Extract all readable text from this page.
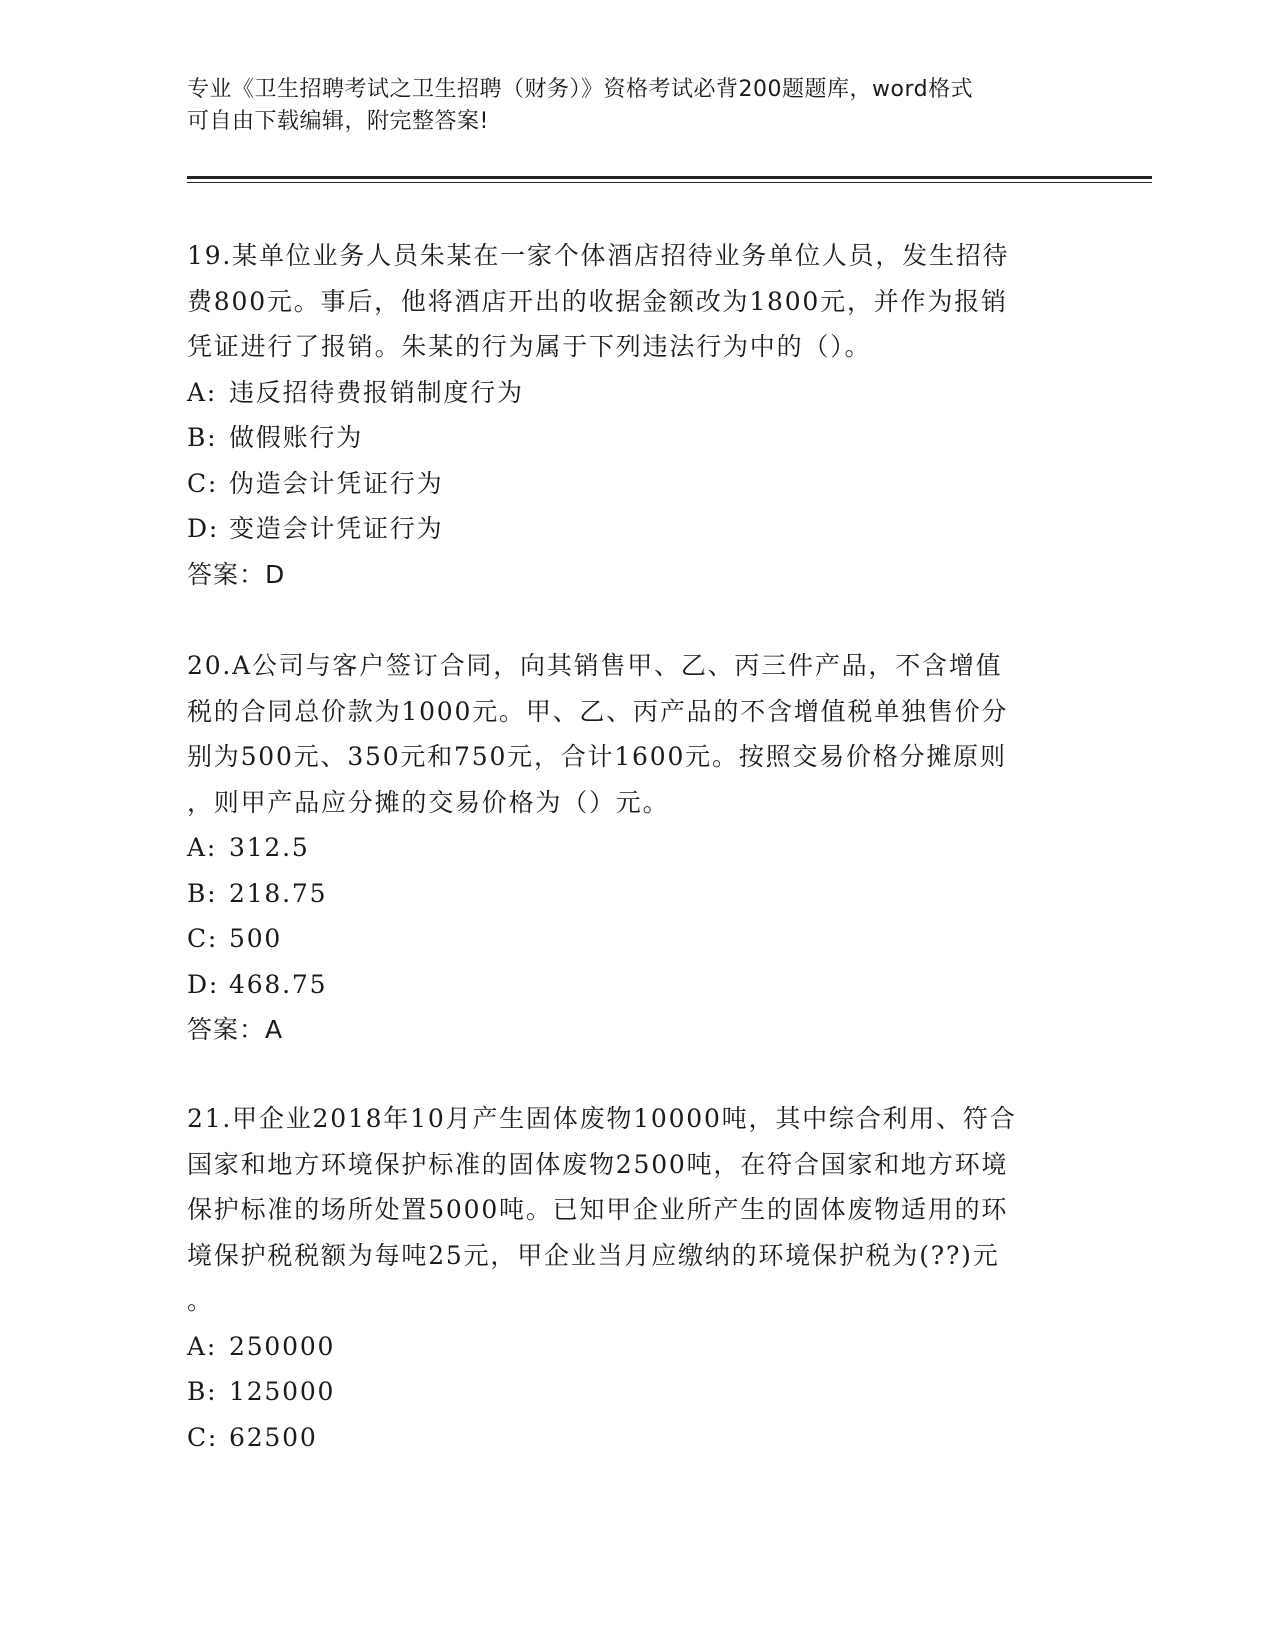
专业《卫生招聘考试之卫生招聘（财务）》资格考试必背200题题库，word格式
可自由下载编辑，附完整答案!

19.某单位业务人员朱某在一家个体酒店招待业务单位人员，发生招待

费800元。事后，他将酒店开出的收据金额改为1800元，并作为报销

凭证进行了报销。朱某的行为属于下列违法行为中的（）。

A: 违反招待费报销制度行为

B: 做假账行为

C: 伪造会计凭证行为

D: 变造会计凭证行为

答案：D

20.A公司与客户签订合同，向其销售甲、乙、丙三件产品，不含增值

税的合同总价款为1000元。甲、乙、丙产品的不含增值税单独售价分

别为500元、350元和750元，合计1600元。按照交易价格分摊原则

，则甲产品应分摊的交易价格为（）元。

A: 312.5

B: 218.75

C: 500

D: 468.75

答案：A

21.甲企业2018年10月产生固体废物10000吨，其中综合利用、符合

国家和地方环境保护标准的固体废物2500吨，在符合国家和地方环境

保护标准的场所处置5000吨。已知甲企业所产生的固体废物适用的环

境保护税税额为每吨25元，甲企业当月应缴纳的环境保护税为(??)元

。

A: 250000

B: 125000

C: 62500
